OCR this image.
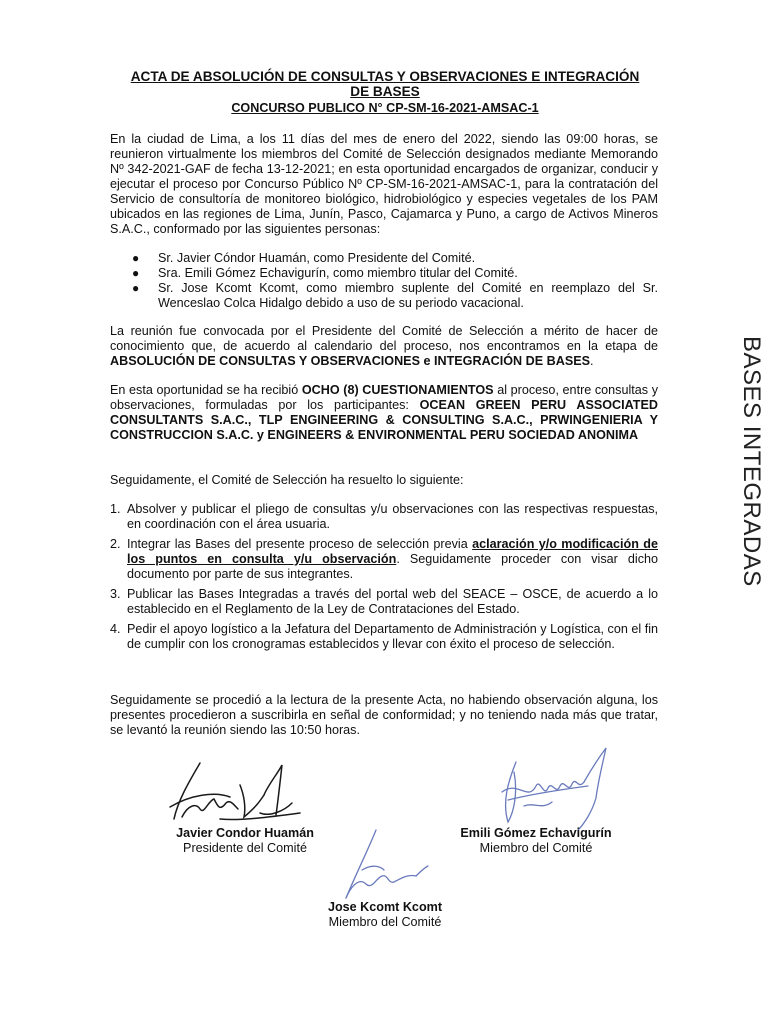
ACTA DE ABSOLUCIÓN DE CONSULTAS Y OBSERVACIONES E INTEGRACIÓN DE BASES
CONCURSO PUBLICO N° CP-SM-16-2021-AMSAC-1

En la ciudad de Lima, a los 11 días del mes de enero del 2022, siendo las 09:00 horas, se reunieron virtualmente los miembros del Comité de Selección designados mediante Memorando Nº 342-2021-GAF de fecha 13-12-2021; en esta oportunidad encargados de organizar, conducir y ejecutar el proceso por Concurso Público Nº CP-SM-16-2021-AMSAC-1, para la contratación del Servicio de consultoría de monitoreo biológico, hidrobiológico y especies vegetales de los PAM ubicados en las regiones de Lima, Junín, Pasco, Cajamarca y Puno, a cargo de Activos Mineros S.A.C., conformado por las siguientes personas:

● Sr. Javier Cóndor Huamán, como Presidente del Comité.
● Sra. Emili Gómez Echavigurín, como miembro titular del Comité.
● Sr. Jose Kcomt Kcomt, como miembro suplente del Comité en reemplazo del Sr. Wenceslao Colca Hidalgo debido a uso de su periodo vacacional.

La reunión fue convocada por el Presidente del Comité de Selección a mérito de hacer de conocimiento que, de acuerdo al calendario del proceso, nos encontramos en la etapa de ABSOLUCIÓN DE CONSULTAS Y OBSERVACIONES e INTEGRACIÓN DE BASES.

En esta oportunidad se ha recibió OCHO (8) CUESTIONAMIENTOS al proceso, entre consultas y observaciones, formuladas por los participantes: OCEAN GREEN PERU ASSOCIATED CONSULTANTS S.A.C., TLP ENGINEERING & CONSULTING S.A.C., PRWINGENIERIA Y CONSTRUCCION S.A.C. y ENGINEERS & ENVIRONMENTAL PERU SOCIEDAD ANONIMA

Seguidamente, el Comité de Selección ha resuelto lo siguiente:

1. Absolver y publicar el pliego de consultas y/u observaciones con las respectivas respuestas, en coordinación con el área usuaria.
2. Integrar las Bases del presente proceso de selección previa aclaración y/o modificación de los puntos en consulta y/u observación. Seguidamente proceder con visar dicho documento por parte de sus integrantes.
3. Publicar las Bases Integradas a través del portal web del SEACE – OSCE, de acuerdo a lo establecido en el Reglamento de la Ley de Contrataciones del Estado.
4. Pedir el apoyo logístico a la Jefatura del Departamento de Administración y Logística, con el fin de cumplir con los cronogramas establecidos y llevar con éxito el proceso de selección.

Seguidamente se procedió a la lectura de la presente Acta, no habiendo observación alguna, los presentes procedieron a suscribirla en señal de conformidad; y no teniendo nada más que tratar, se levantó la reunión siendo las 10:50 horas.

Javier Condor Huamán

Presidente del Comité

Emili Gómez Echavigurín

Miembro del Comité

Jose Kcomt Kcomt

Miembro del Comité

BASES INTEGRADAS
